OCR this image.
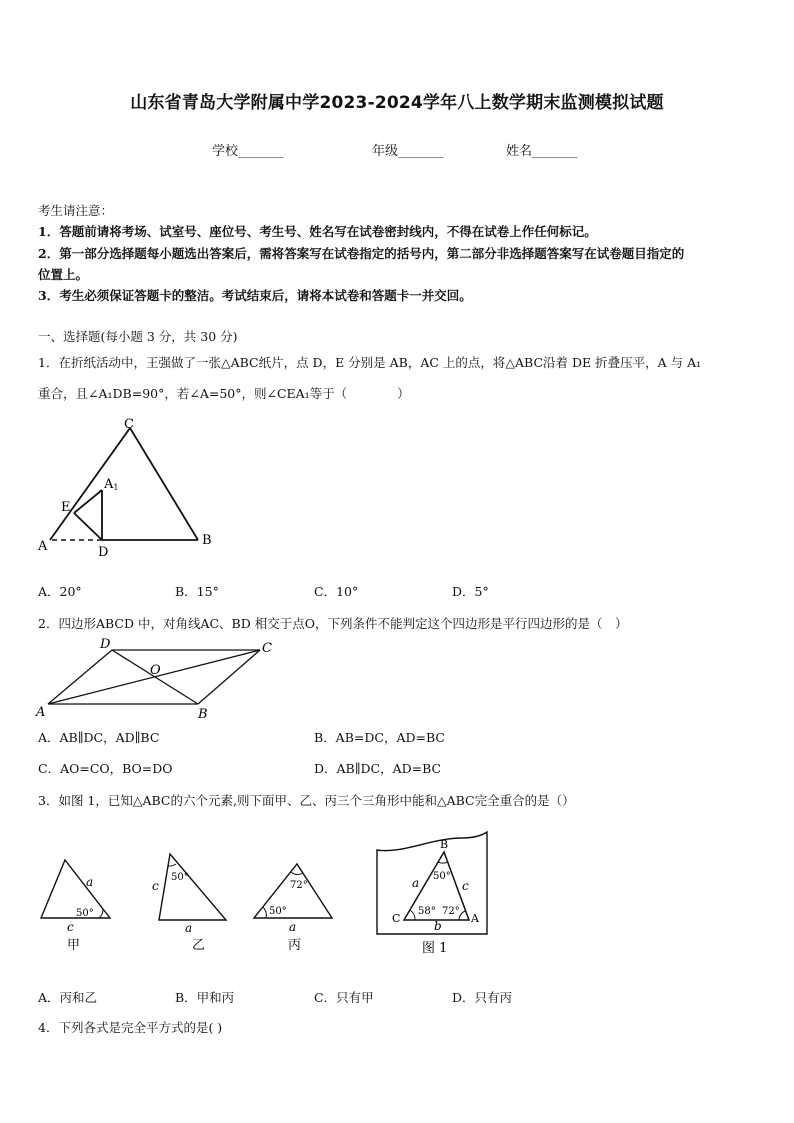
山东省青岛大学附属中学2023-2024学年八上数学期末监测模拟试题
学校_______	年级_______	姓名_______
考生请注意：
1．答题前请将考场、试室号、座位号、考生号、姓名写在试卷密封线内，不得在试卷上作任何标记。
2．第一部分选择题每小题选出答案后，需将答案写在试卷指定的括号内，第二部分非选择题答案写在试卷题目指定的
位置上。
3．考生必须保证答题卡的整洁。考试结束后，请将本试卷和答题卡一并交回。
一、选择题(每小题 3 分，共 30 分)
1．在折纸活动中，王强做了一张△ABC纸片，点 D，E 分别是 AB，AC 上的点，将△ABC沿着 DE 折叠压平，A 与 A₁
重合，且∠A₁DB=90°，若∠A=50°，则∠CEA₁等于（　　　　）
C
A1
E
A	D
B
A．20°	B．15°	C．10°	D．5°
2．四边形ABCD 中，对角线AC、BD 相交于点O，下列条件不能判定这个四边形是平行四边形的是（　）
D
O
C
A	B
A．AB∥DC，AD∥BC	B．AB=DC，AD=BC
C．AO=CO，BO=DO	D．AB∥DC，AD=BC
3．如图 1，已知△ABC的六个元素,则下面甲、乙、丙三个三角形中能和△ABC完全重合的是（）
a
50°
c
甲
50°
c
a
乙
72°
50°
a
丙
B
C	A
a	c
b
50°
58° 72°
图 1
A．丙和乙	B．甲和丙	C．只有甲	D．只有丙
4．下列各式是完全平方式的是( )
